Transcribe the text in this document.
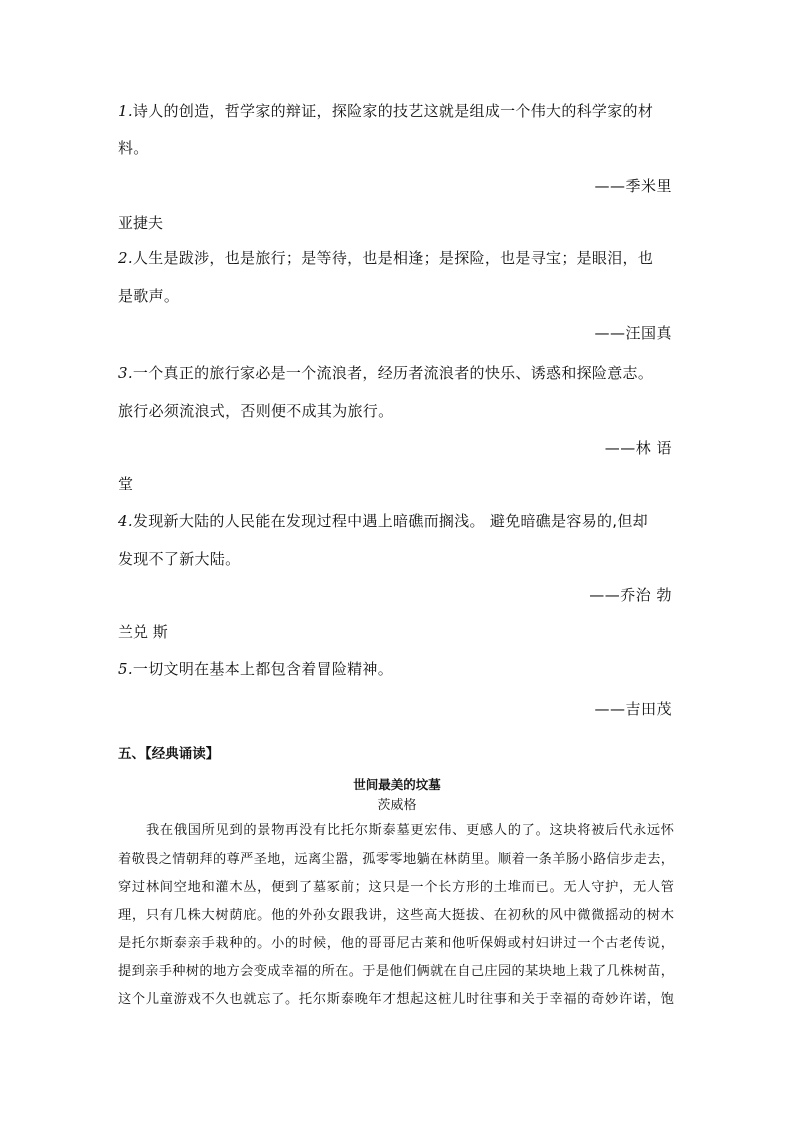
1.诗人的创造，哲学家的辩证，探险家的技艺这就是组成一个伟大的科学家的材
料。
——季米里
亚捷夫
2.人生是跋涉，也是旅行；是等待，也是相逢；是探险，也是寻宝；是眼泪，也
是歌声。
——汪国真
3.一个真正的旅行家必是一个流浪者，经历者流浪者的快乐、诱惑和探险意志。
旅行必须流浪式，否则便不成其为旅行。
——林 语
堂
4.发现新大陆的人民能在发现过程中遇上暗礁而搁浅。 避免暗礁是容易的,但却
发现不了新大陆。
——乔治 勃
兰兑 斯
5.一切文明在基本上都包含着冒险精神。
——吉田茂
五、【经典诵读】
世间最美的坟墓
茨威格
我在俄国所见到的景物再没有比托尔斯泰墓更宏伟、更感人的了。这块将被后代永远怀
着敬畏之情朝拜的尊严圣地，远离尘嚣，孤零零地躺在林荫里。顺着一条羊肠小路信步走去，
穿过林间空地和灌木丛，便到了墓冢前；这只是一个长方形的土堆而已。无人守护，无人管
理，只有几株大树荫庇。他的外孙女跟我讲，这些高大挺拔、在初秋的风中微微摇动的树木
是托尔斯泰亲手栽种的。小的时候，他的哥哥尼古莱和他听保姆或村妇讲过一个古老传说，
提到亲手种树的地方会变成幸福的所在。于是他们俩就在自己庄园的某块地上栽了几株树苗，
这个儿童游戏不久也就忘了。托尔斯泰晚年才想起这桩儿时往事和关于幸福的奇妙许诺，饱
